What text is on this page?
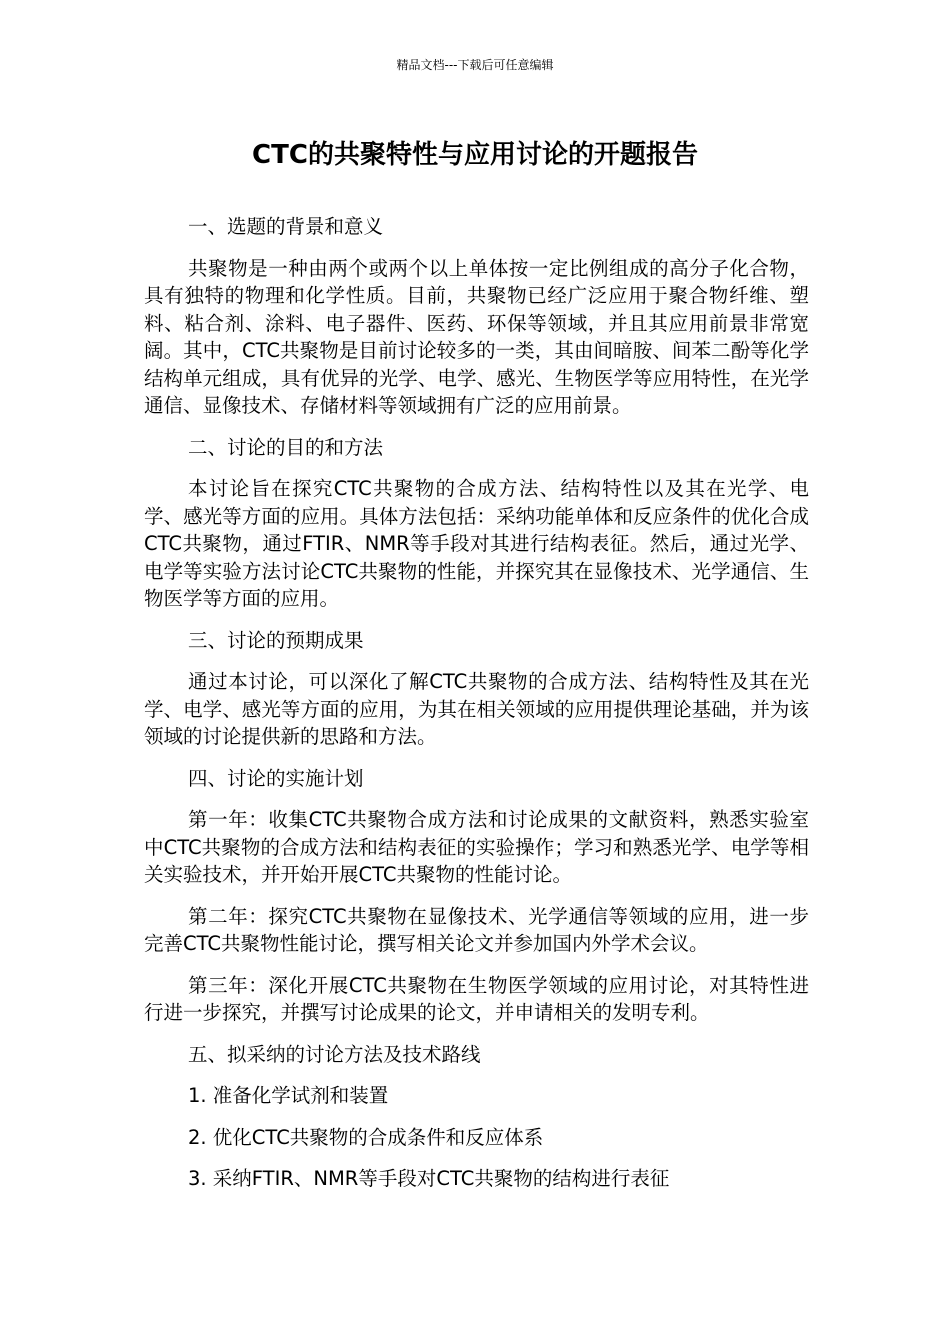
精品文档---下载后可任意编辑
CTC的共聚特性与应用讨论的开题报告

一、选题的背景和意义

共聚物是一种由两个或两个以上单体按一定比例组成的高分子化合物，具有独特的物理和化学性质。目前，共聚物已经广泛应用于聚合物纤维、塑料、粘合剂、涂料、电子器件、医药、环保等领域，并且其应用前景非常宽阔。其中，CTC共聚物是目前讨论较多的一类，其由间暗胺、间苯二酚等化学结构单元组成，具有优异的光学、电学、感光、生物医学等应用特性，在光学通信、显像技术、存储材料等领域拥有广泛的应用前景。

二、讨论的目的和方法

本讨论旨在探究CTC共聚物的合成方法、结构特性以及其在光学、电学、感光等方面的应用。具体方法包括：采纳功能单体和反应条件的优化合成CTC共聚物，通过FTIR、NMR等手段对其进行结构表征。然后，通过光学、电学等实验方法讨论CTC共聚物的性能，并探究其在显像技术、光学通信、生物医学等方面的应用。

三、讨论的预期成果

通过本讨论，可以深化了解CTC共聚物的合成方法、结构特性及其在光学、电学、感光等方面的应用，为其在相关领域的应用提供理论基础，并为该领域的讨论提供新的思路和方法。

四、讨论的实施计划

第一年：收集CTC共聚物合成方法和讨论成果的文献资料，熟悉实验室中CTC共聚物的合成方法和结构表征的实验操作；学习和熟悉光学、电学等相关实验技术，并开始开展CTC共聚物的性能讨论。

第二年：探究CTC共聚物在显像技术、光学通信等领域的应用，进一步完善CTC共聚物性能讨论，撰写相关论文并参加国内外学术会议。

第三年：深化开展CTC共聚物在生物医学领域的应用讨论，对其特性进行进一步探究，并撰写讨论成果的论文，并申请相关的发明专利。

五、拟采纳的讨论方法及技术路线

1. 准备化学试剂和装置

2. 优化CTC共聚物的合成条件和反应体系

3. 采纳FTIR、NMR等手段对CTC共聚物的结构进行表征
